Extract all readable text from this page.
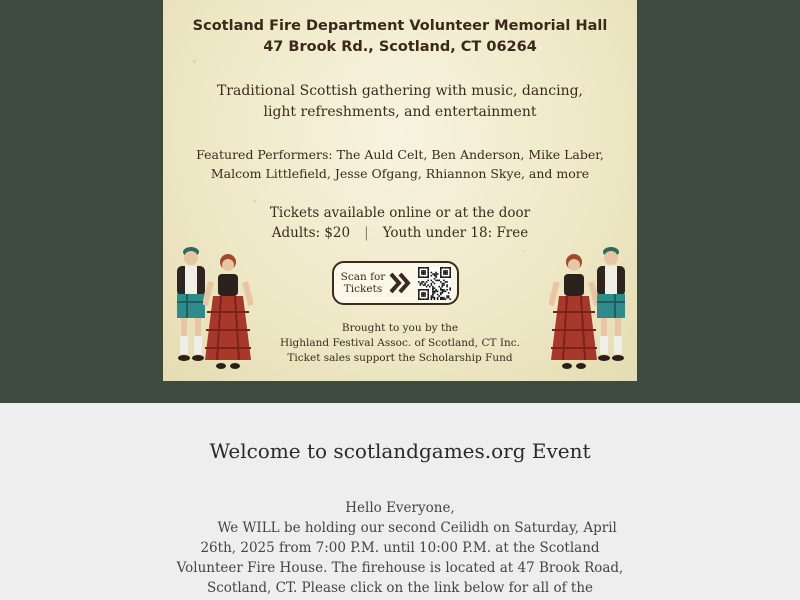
Scotland Fire Department Volunteer Memorial Hall
47 Brook Rd., Scotland, CT 06264
Traditional Scottish gathering with music, dancing,
light refreshments, and entertainment
Featured Performers: The Auld Celt, Ben Anderson, Mike Laber,
Malcom Littlefield, Jesse Ofgang, Rhiannon Skye, and more
Tickets available online or at the door
Adults: $20 | Youth under 18: Free
Scan for
Tickets
Brought to you by the
Highland Festival Assoc. of Scotland, CT Inc.
Ticket sales support the Scholarship Fund
Welcome to scotlandgames.org Event
Hello Everyone,
We WILL be holding our second Ceilidh on Saturday, April
26th, 2025 from 7:00 P.M. until 10:00 P.M. at the Scotland
Volunteer Fire House. The firehouse is located at 47 Brook Road,
Scotland, CT. Please click on the link below for all of the
